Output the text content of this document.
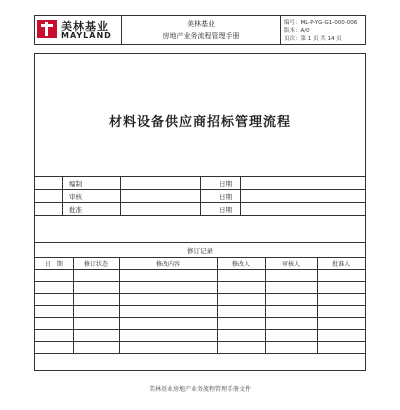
美林基业
MAYLAND
美林基业
房地产业务流程管理手册
编号：ML-P-YG-G1-000-006
版本：A/0
页次：第 1 页 共 14 页
材料设备供应商招标管理流程
编制	日期
审核	日期
批准	日期
修订记录
日　期	修订状态	修改内容	修改人	审核人	批准人

美林基业房地产业务流程管理手册文件
